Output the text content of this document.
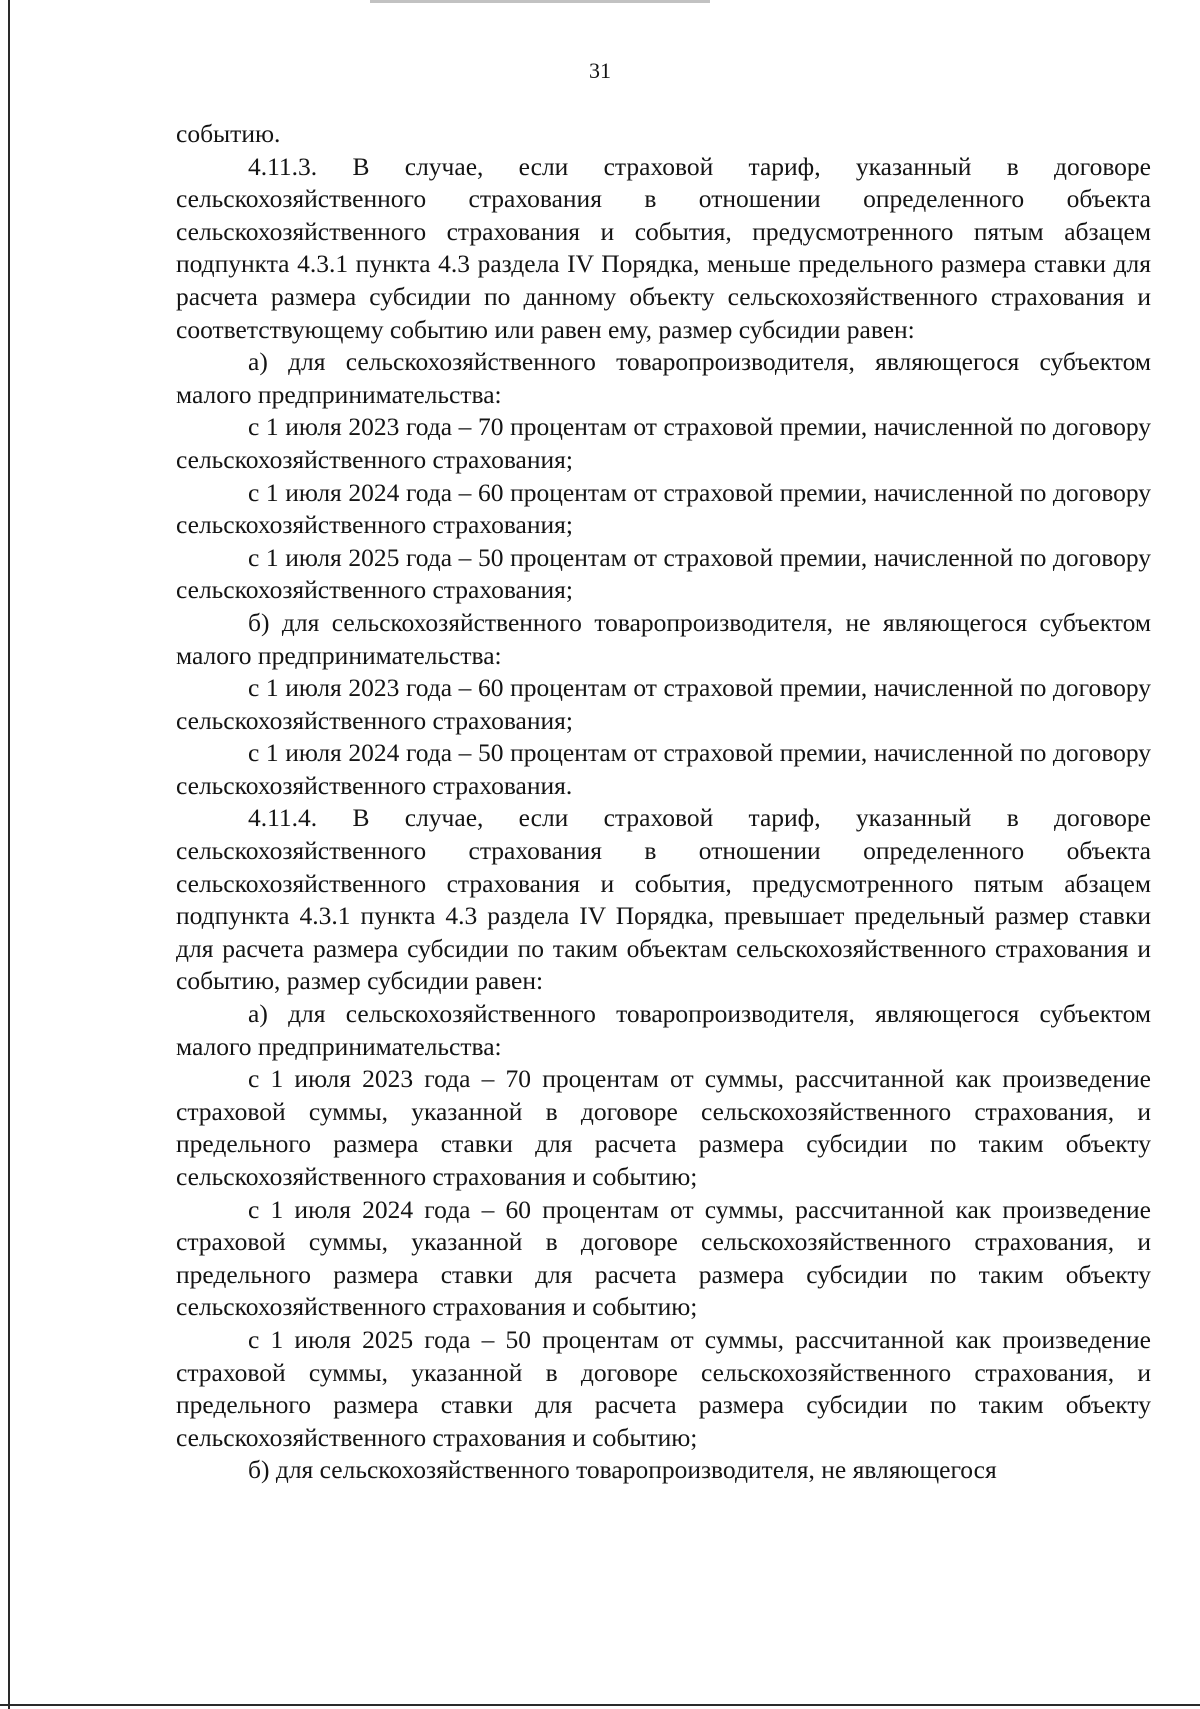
31

событию.

4.11.3. В случае, если страховой тариф, указанный в договоре сельскохозяйственного страхования в отношении определенного объекта сельскохозяйственного страхования и события, предусмотренного пятым абзацем подпункта 4.3.1 пункта 4.3 раздела IV Порядка, меньше предельного размера ставки для расчета размера субсидии по данному объекту сельскохозяйственного страхования и соответствующему событию или равен ему, размер субсидии равен:

а) для сельскохозяйственного товаропроизводителя, являющегося субъектом малого предпринимательства:

с 1 июля 2023 года – 70 процентам от страховой премии, начисленной по договору сельскохозяйственного страхования;

с 1 июля 2024 года – 60 процентам от страховой премии, начисленной по договору сельскохозяйственного страхования;

с 1 июля 2025 года – 50 процентам от страховой премии, начисленной по договору сельскохозяйственного страхования;

б) для сельскохозяйственного товаропроизводителя, не являющегося субъектом малого предпринимательства:

с 1 июля 2023 года – 60 процентам от страховой премии, начисленной по договору сельскохозяйственного страхования;

с 1 июля 2024 года – 50 процентам от страховой премии, начисленной по договору сельскохозяйственного страхования.

4.11.4. В случае, если страховой тариф, указанный в договоре сельскохозяйственного страхования в отношении определенного объекта сельскохозяйственного страхования и события, предусмотренного пятым абзацем подпункта 4.3.1 пункта 4.3 раздела IV Порядка, превышает предельный размер ставки для расчета размера субсидии по таким объектам сельскохозяйственного страхования и событию, размер субсидии равен:

а) для сельскохозяйственного товаропроизводителя, являющегося субъектом малого предпринимательства:

с 1 июля 2023 года – 70 процентам от суммы, рассчитанной как произведение страховой суммы, указанной в договоре сельскохозяйственного страхования, и предельного размера ставки для расчета размера субсидии по таким объекту сельскохозяйственного страхования и событию;

с 1 июля 2024 года – 60 процентам от суммы, рассчитанной как произведение страховой суммы, указанной в договоре сельскохозяйственного страхования, и предельного размера ставки для расчета размера субсидии по таким объекту сельскохозяйственного страхования и событию;

с 1 июля 2025 года – 50 процентам от суммы, рассчитанной как произведение страховой суммы, указанной в договоре сельскохозяйственного страхования, и предельного размера ставки для расчета размера субсидии по таким объекту сельскохозяйственного страхования и событию;

б) для сельскохозяйственного товаропроизводителя, не являющегося
